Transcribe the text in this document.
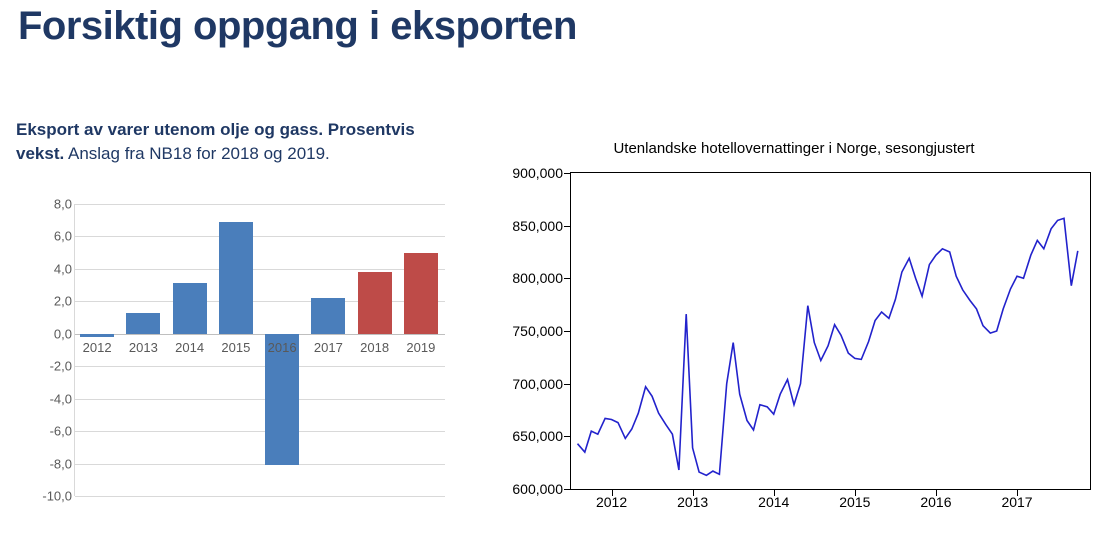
Forsiktig oppgang i eksporten
Eksport av varer utenom olje og gass. Prosentvis vekst. Anslag fra NB18 for 2018 og 2019.
8,0
6,0
4,0
2,0
0,0
-2,0
-4,0
-6,0
-8,0
-10,0
2012	2013	2014	2015	2016	2017	2018	2019
Utenlandske hotellovernattinger i Norge, sesongjustert
900,000
850,000
800,000
750,000
700,000
650,000
600,000
2012	2013	2014	2015	2016	2017
